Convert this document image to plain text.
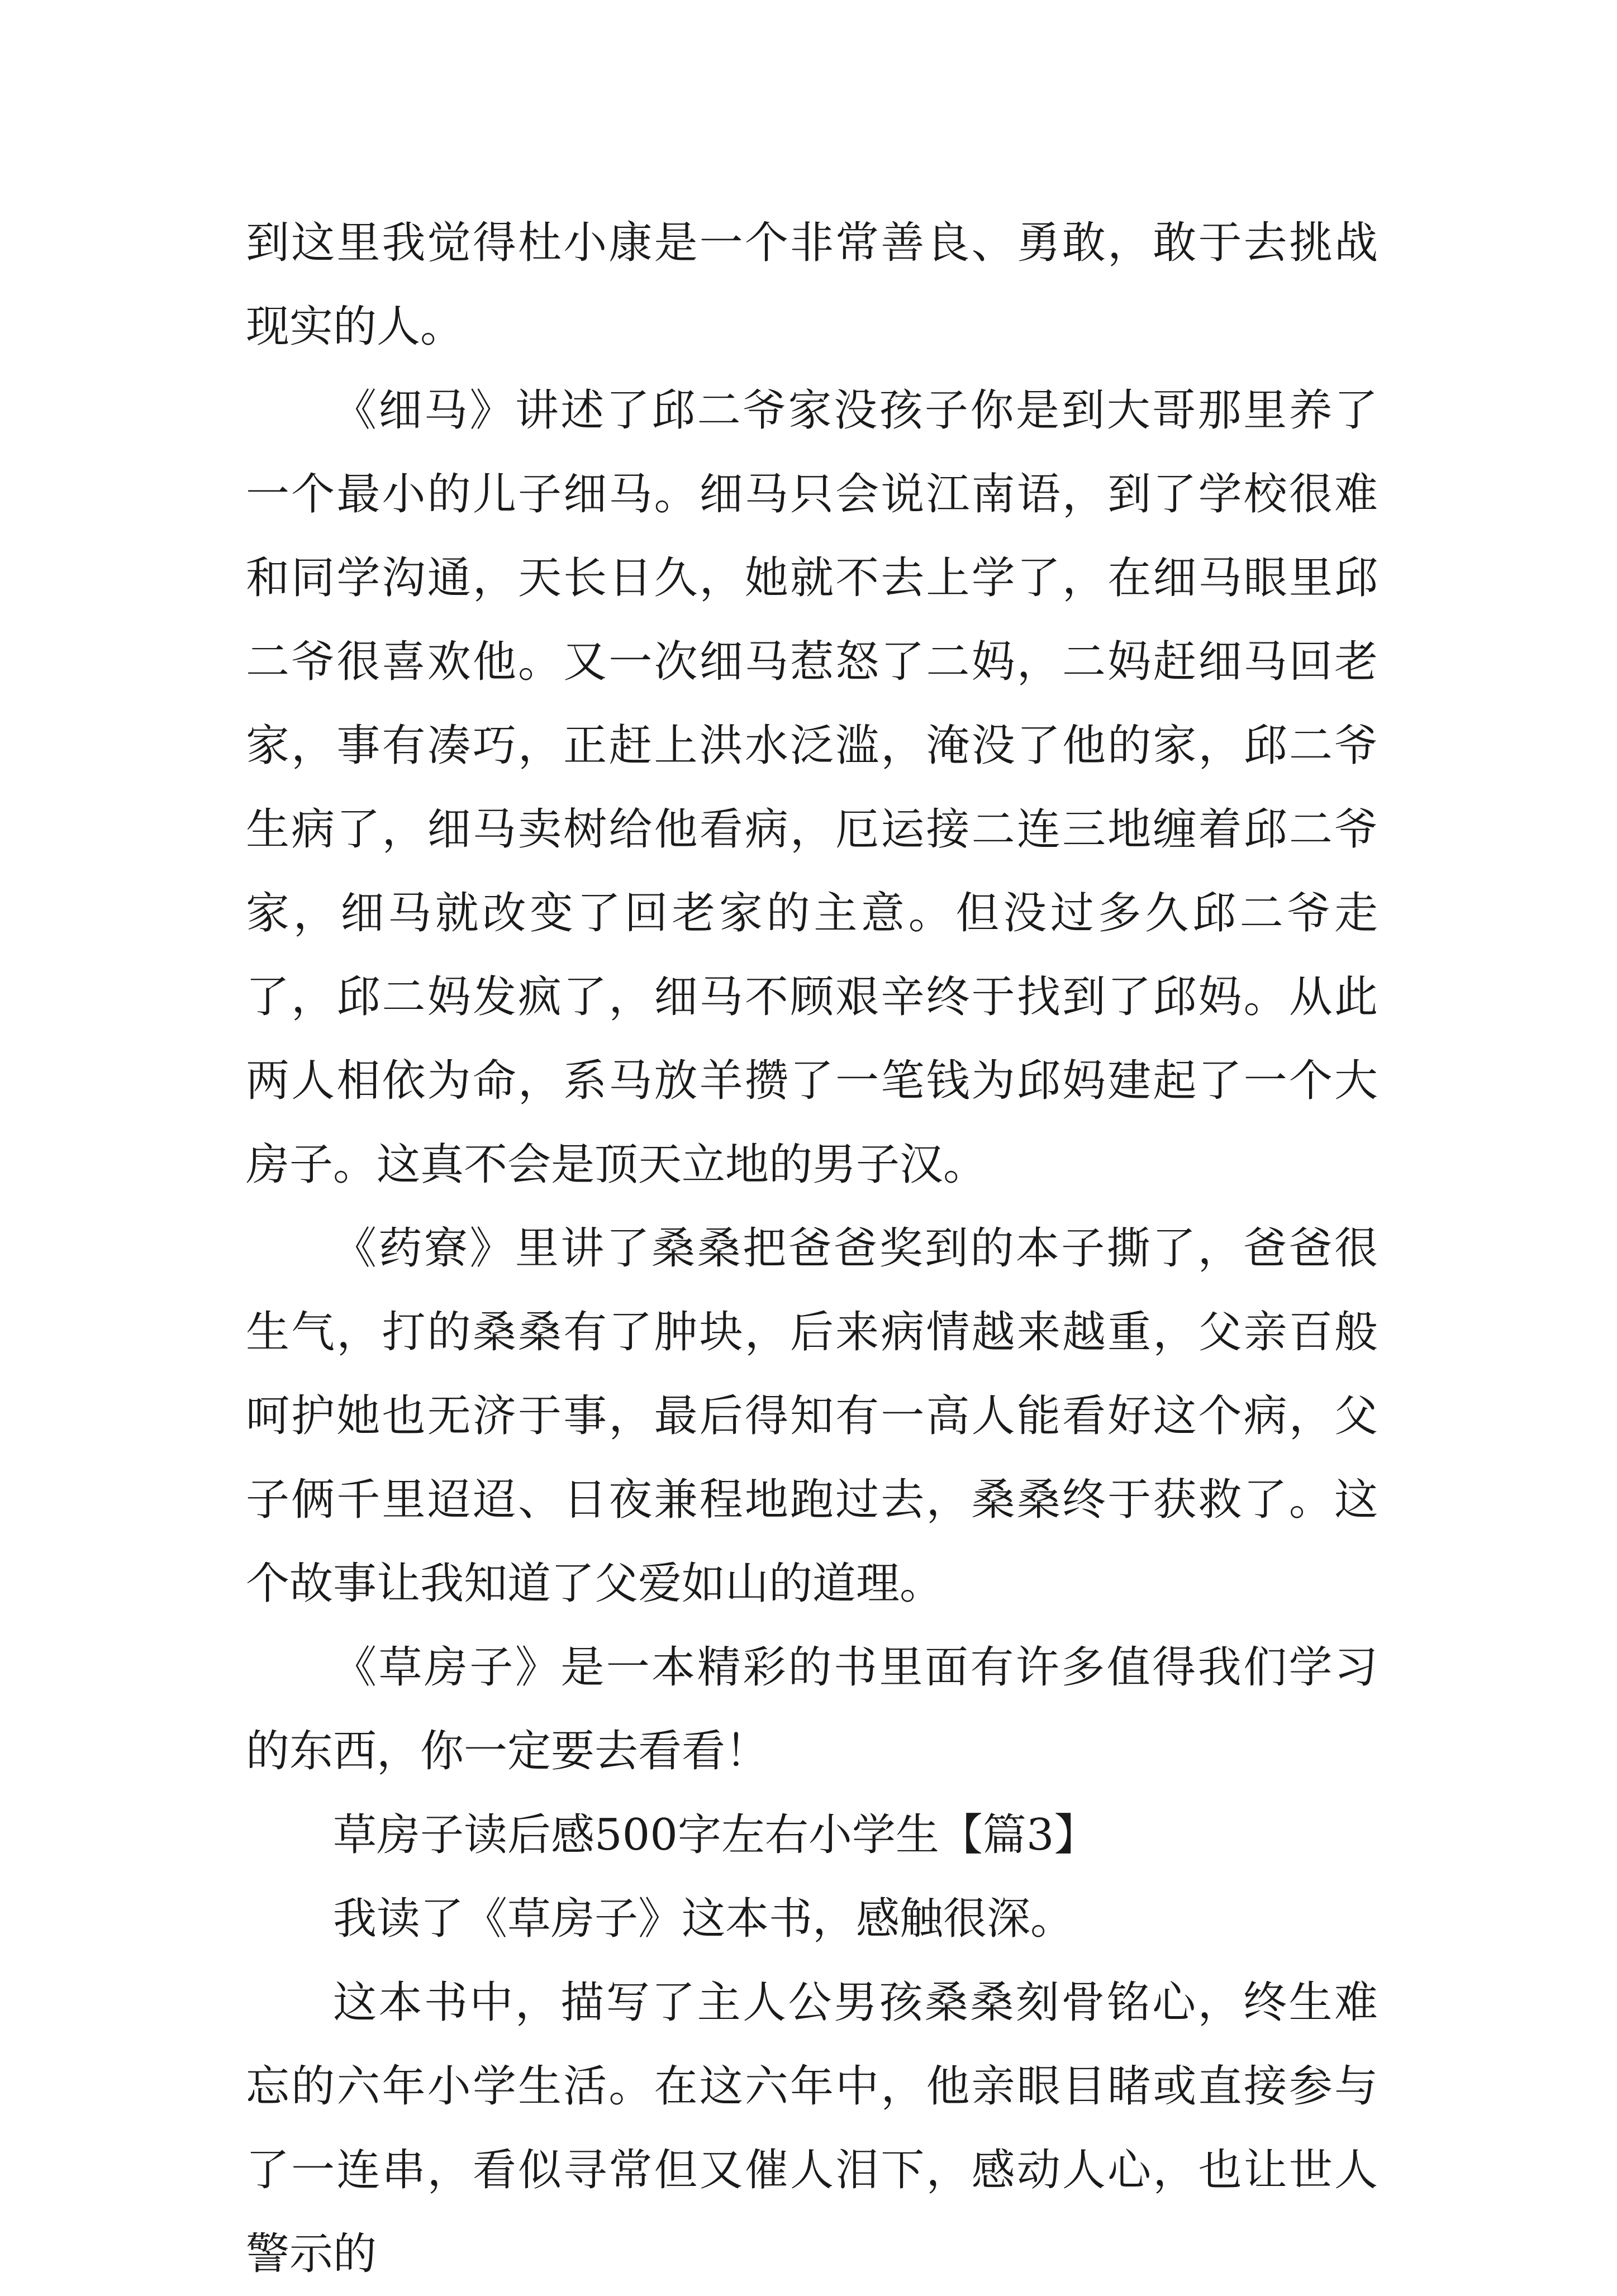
到这里我觉得杜小康是一个非常善良、勇敢，敢于去挑战现实的人。

《细马》讲述了邱二爷家没孩子你是到大哥那里养了一个最小的儿子细马。细马只会说江南语，到了学校很难和同学沟通，天长日久，她就不去上学了，在细马眼里邱二爷很喜欢他。又一次细马惹怒了二妈，二妈赶细马回老家，事有凑巧，正赶上洪水泛滥，淹没了他的家，邱二爷生病了，细马卖树给他看病，厄运接二连三地缠着邱二爷家，细马就改变了回老家的主意。但没过多久邱二爷走了，邱二妈发疯了，细马不顾艰辛终于找到了邱妈。从此两人相依为命，系马放羊攒了一笔钱为邱妈建起了一个大房子。这真不会是顶天立地的男子汉。

《药寮》里讲了桑桑把爸爸奖到的本子撕了，爸爸很生气，打的桑桑有了肿块，后来病情越来越重，父亲百般呵护她也无济于事，最后得知有一高人能看好这个病，父子俩千里迢迢、日夜兼程地跑过去，桑桑终于获救了。这个故事让我知道了父爱如山的道理。

《草房子》是一本精彩的书里面有许多值得我们学习的东西，你一定要去看看！

草房子读后感500字左右小学生【篇3】

我读了《草房子》这本书，感触很深。

这本书中，描写了主人公男孩桑桑刻骨铭心，终生难忘的六年小学生活。在这六年中，他亲眼目睹或直接参与了一连串，看似寻常但又催人泪下，感动人心，也让世人警示的
